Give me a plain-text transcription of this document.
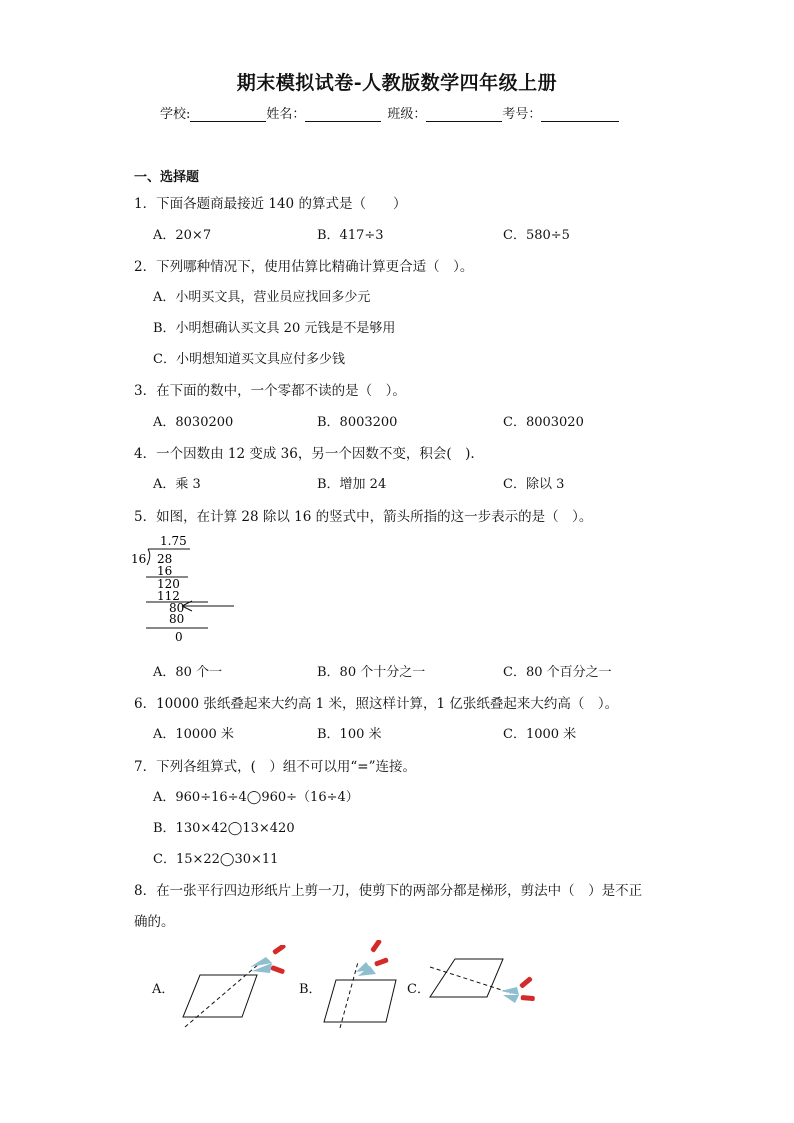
期末模拟试卷-人教版数学四年级上册
学校:	姓名：	班级：	考号：
一、选择题
1．下面各题商最接近 140 的算式是（　　）
A．20×7	B．417÷3	C．580÷5
2．下列哪种情况下，使用估算比精确计算更合适（　）。
A．小明买文具，营业员应找回多少元
B．小明想确认买文具 20 元钱是不是够用
C．小明想知道买文具应付多少钱
3．在下面的数中，一个零都不读的是（　）。
A．8030200	B．8003200	C．8003020
4．一个因数由 12 变成 36，另一个因数不变，积会(　).
A．乘 3	B．增加 24	C．除以 3
5．如图，在计算 28 除以 16 的竖式中，箭头所指的这一步表示的是（　）。
1.75
16 28
16
120
112
80
80
0
A．80 个一	B．80 个十分之一	C．80 个百分之一
6．10000 张纸叠起来大约高 1 米，照这样计算，1 亿张纸叠起来大约高（　）。
A．10000 米	B．100 米	C．1000 米
7．下列各组算式，(　）组不可以用“=”连接。
A．960÷16÷4◯960÷（16÷4）
B．130×42◯13×420
C．15×22◯30×11
8．在一张平行四边形纸片上剪一刀，使剪下的两部分都是梯形，剪法中（　）是不正
确的。
A．	B．	C．
